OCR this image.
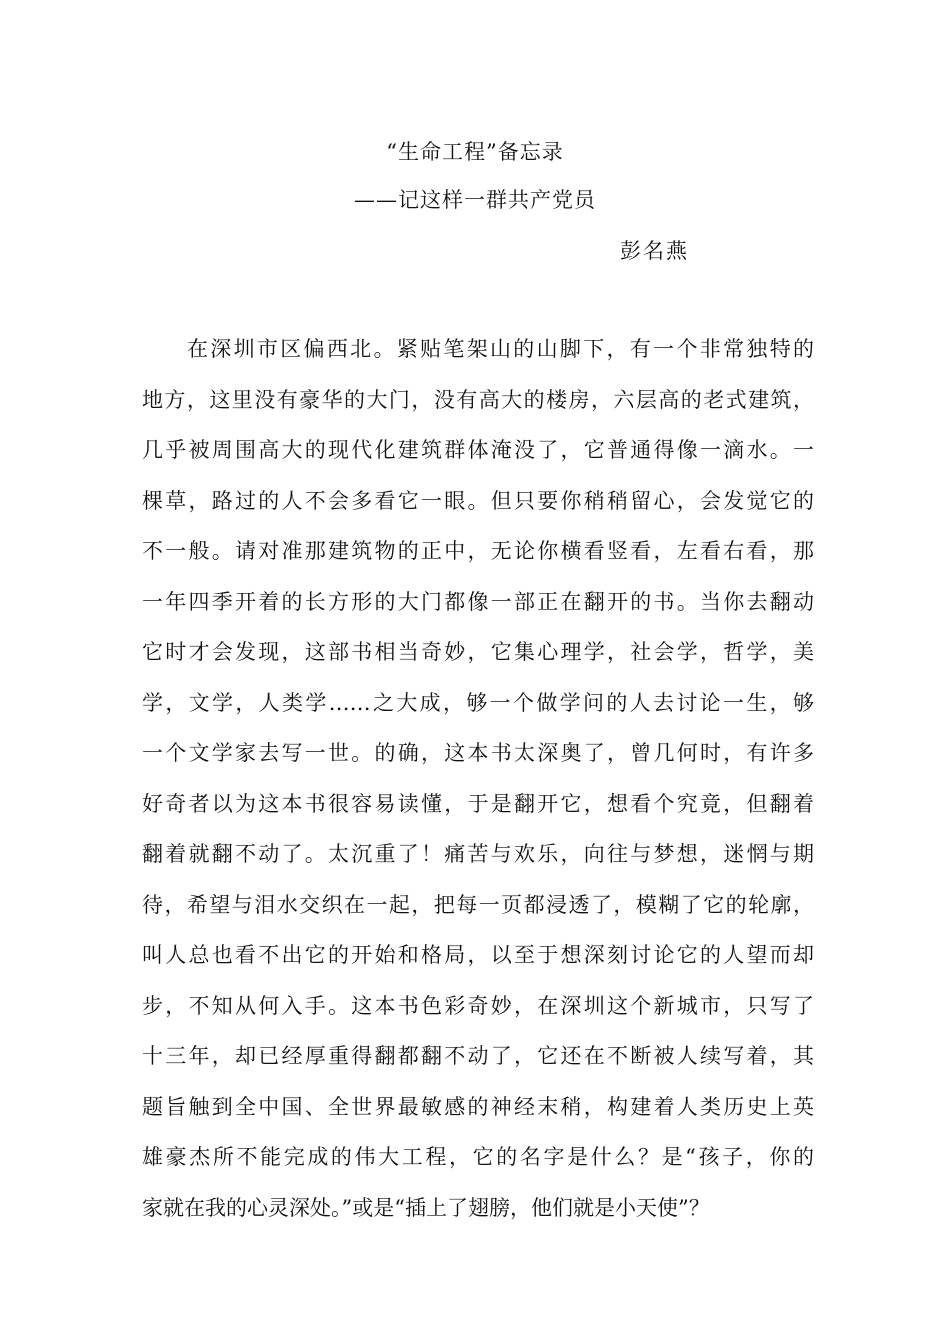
“生命工程”备忘录
——记这样一群共产党员
彭名燕
在深圳市区偏西北。紧贴笔架山的山脚下，有一个非常独特的
地方，这里没有豪华的大门，没有高大的楼房，六层高的老式建筑，
几乎被周围高大的现代化建筑群体淹没了，它普通得像一滴水。一
棵草，路过的人不会多看它一眼。但只要你稍稍留心，会发觉它的
不一般。请对准那建筑物的正中，无论你横看竖看，左看右看，那
一年四季开着的长方形的大门都像一部正在翻开的书。当你去翻动
它时才会发现，这部书相当奇妙，它集心理学，社会学，哲学，美
学，文学，人类学……之大成，够一个做学问的人去讨论一生，够
一个文学家去写一世。的确，这本书太深奥了，曾几何时，有许多
好奇者以为这本书很容易读懂，于是翻开它，想看个究竟，但翻着
翻着就翻不动了。太沉重了！痛苦与欢乐，向往与梦想，迷惘与期
待，希望与泪水交织在一起，把每一页都浸透了，模糊了它的轮廓，
叫人总也看不出它的开始和格局，以至于想深刻讨论它的人望而却
步，不知从何入手。这本书色彩奇妙，在深圳这个新城市，只写了
十三年，却已经厚重得翻都翻不动了，它还在不断被人续写着，其
题旨触到全中国、全世界最敏感的神经末稍，构建着人类历史上英
雄豪杰所不能完成的伟大工程，它的名字是什么？是“孩子，你的
家就在我的心灵深处。”或是“插上了翅膀，他们就是小天使”？
